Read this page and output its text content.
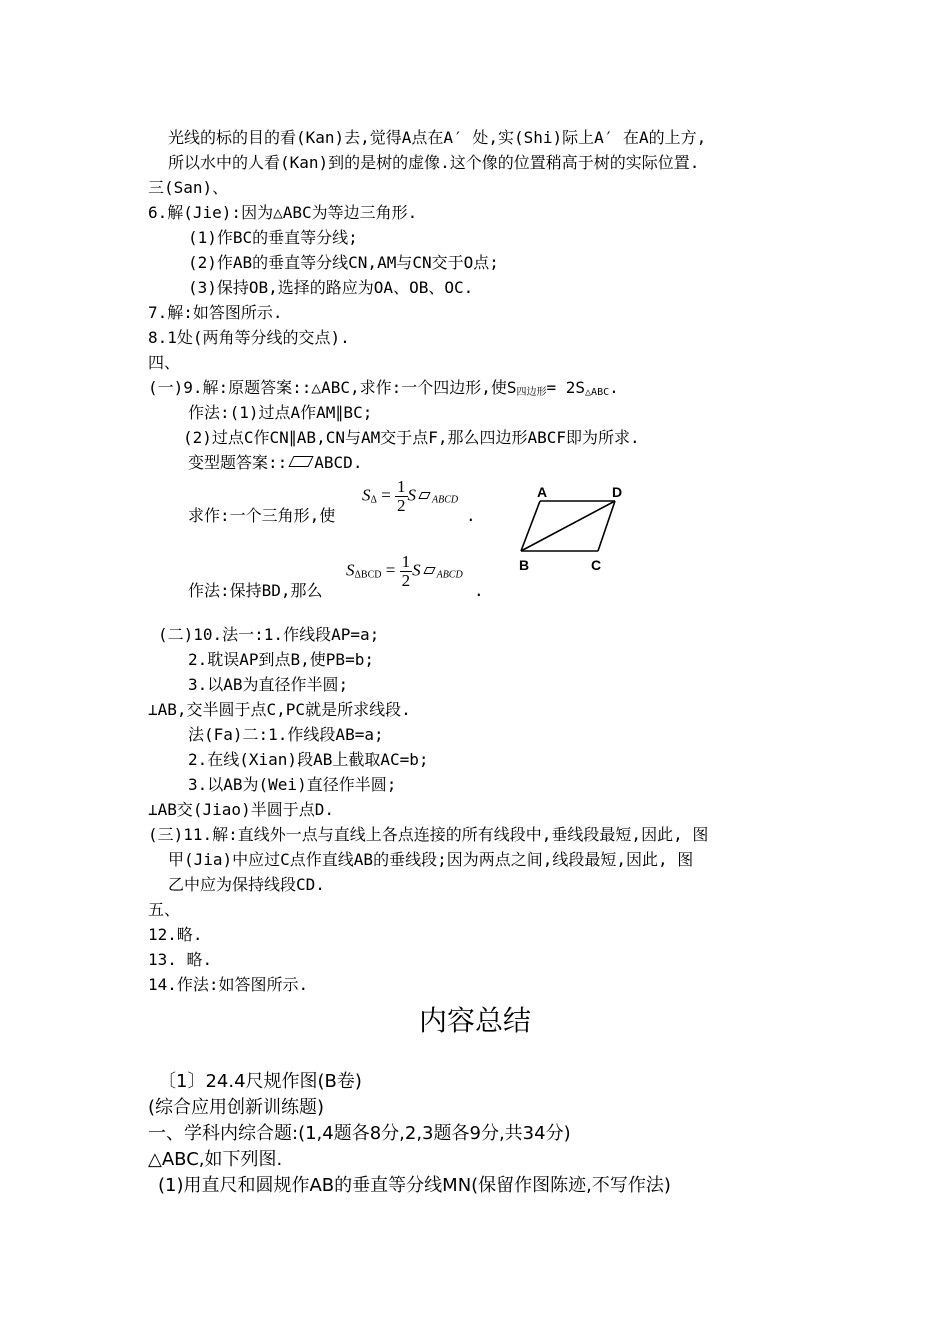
光线的标的目的看(Kan)去,觉得A点在A′ 处,实(Shi)际上A′ 在A的上方,
所以水中的人看(Kan)到的是树的虚像.这个像的位置稍高于树的实际位置.
三(San)、
6.解(Jie):因为△ABC为等边三角形.
(1)作BC的垂直等分线;
(2)作AB的垂直等分线CN,AM与CN交于O点;
(3)保持OB,选择的路应为OA、OB、OC.
7.解:如答图所示.
8.1处(两角等分线的交点).
四、
(一)9.解:原题答案::△ABC,求作:一个四边形,使$S_{四边形}= 2S_{\triangle ABC}$.
作法:(1)过点A作AM∥BC;
(2)过点C作CN∥AB,CN与AM交于点F,那么四边形ABCF即为所求.
变型题答案:: ABCD.
求作:一个三角形,使
$S_\Delta = \frac{1}{2}$ S $_{ABCD}$
.
A	D
B	C
作法:保持BD,那么
$S_{\Delta BCD} = \frac{1}{2}$ S $_{ABCD}$
.
(二)10.法一:1.作线段AP=a;
2.耽误AP到点B,使PB=b;
3.以AB为直径作半圆;
⊥AB,交半圆于点C,PC就是所求线段.
法(Fa)二:1.作线段AB=a;
2.在线(Xian)段AB上截取AC=b;
3.以AB为(Wei)直径作半圆;
⊥AB交(Jiao)半圆于点D.
(三)11.解:直线外一点与直线上各点连接的所有线段中,垂线段最短,因此, 图
甲(Jia)中应过C点作直线AB的垂线段;因为两点之间,线段最短,因此, 图
乙中应为保持线段CD.
五、
12.略.
13. 略.
14.作法:如答图所示.
内容总结
〔1〕24.4尺规作图(B卷)
(综合应用创新训练题)
一、学科内综合题:(1,4题各8分,2,3题各9分,共34分)
△ABC,如下列图.
(1)用直尺和圆规作AB的垂直等分线MN(保留作图陈迹,不写作法)
